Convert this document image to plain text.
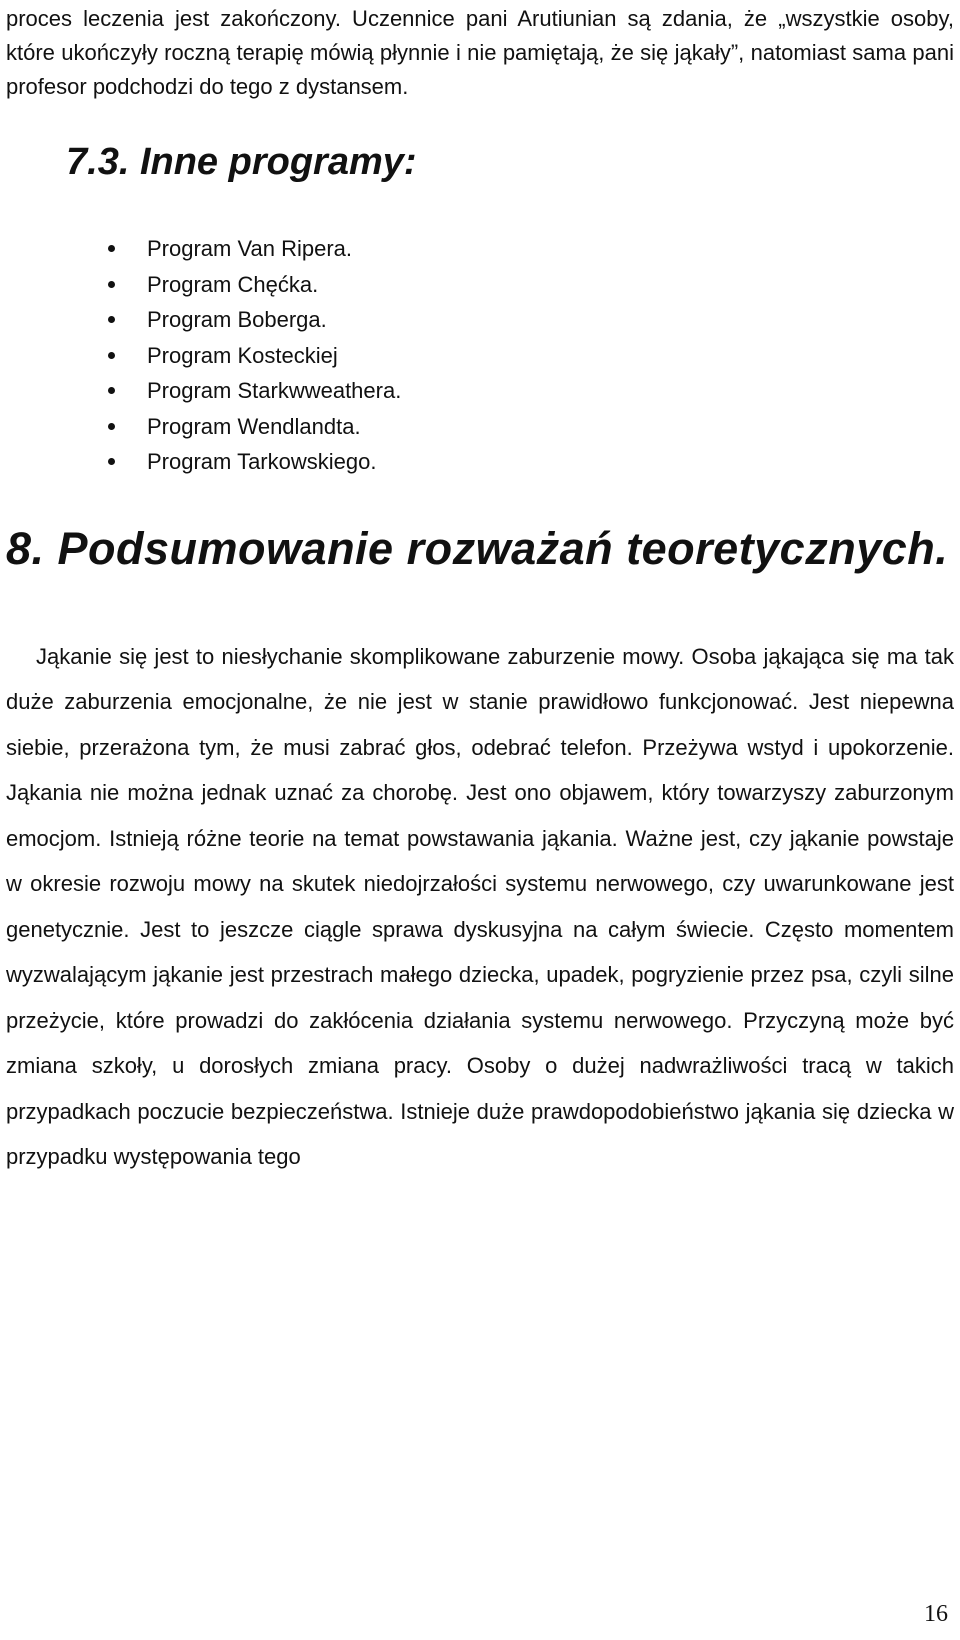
proces leczenia jest zakończony. Uczennice pani Arutiunian są zdania, że „wszystkie osoby, które ukończyły roczną terapię mówią płynnie i nie pamiętają, że się jąkały”, natomiast sama pani profesor podchodzi do tego z dystansem.

7.3. Inne programy:
Program Van Ripera.
Program Chęćka.
Program Boberga.
Program Kosteckiej
Program Starkwweathera.
Program Wendlandta.
Program Tarkowskiego.
8. Podsumowanie rozważań teoretycznych.

Jąkanie się jest to niesłychanie skomplikowane zaburzenie mowy. Osoba jąkająca się ma tak duże zaburzenia emocjonalne, że nie jest w stanie prawidłowo funkcjonować. Jest niepewna siebie, przerażona tym, że musi zabrać głos, odebrać telefon. Przeżywa wstyd i upokorzenie. Jąkania nie można jednak uznać za chorobę. Jest ono objawem, który towarzyszy zaburzonym emocjom. Istnieją różne teorie na temat powstawania jąkania. Ważne jest, czy jąkanie powstaje w okresie rozwoju mowy na skutek niedojrzałości systemu nerwowego, czy uwarunkowane jest genetycznie. Jest to jeszcze ciągle sprawa dyskusyjna na całym świecie. Często momentem wyzwalającym jąkanie jest przestrach małego dziecka, upadek, pogryzienie przez psa, czyli silne przeżycie, które prowadzi do zakłócenia działania systemu nerwowego. Przyczyną może być zmiana szkoły, u dorosłych zmiana pracy. Osoby o dużej nadwrażliwości tracą w takich przypadkach poczucie bezpieczeństwa. Istnieje duże prawdopodobieństwo jąkania się dziecka w przypadku występowania tego

16
